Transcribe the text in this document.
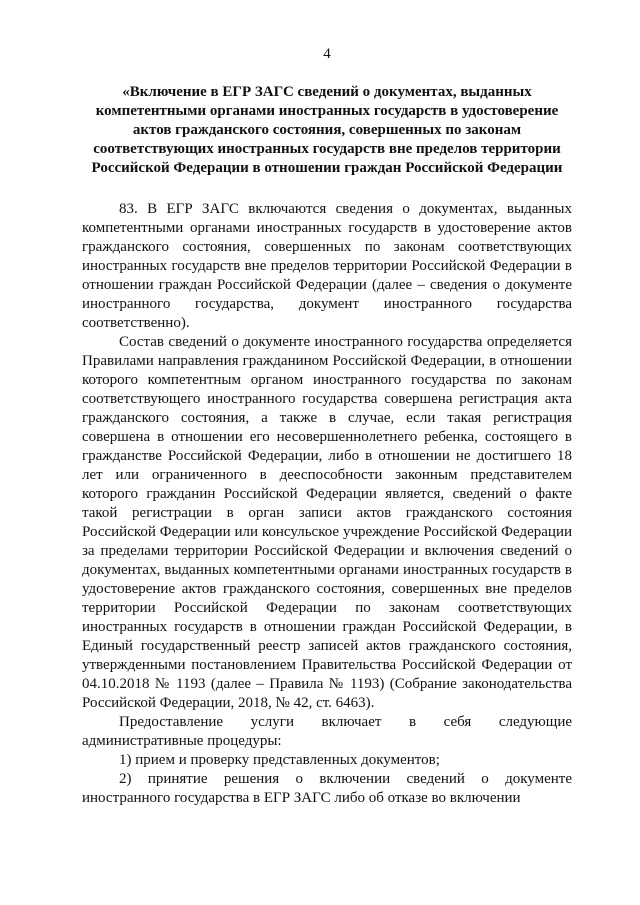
4
«Включение в ЕГР ЗАГС сведений о документах, выданных
компетентными органами иностранных государств в удостоверение
актов гражданского состояния, совершенных по законам
соответствующих иностранных государств вне пределов территории
Российской Федерации в отношении граждан Российской Федерации

83. В ЕГР ЗАГС включаются сведения о документах, выданных компетентными органами иностранных государств в удостоверение актов гражданского состояния, совершенных по законам соответствующих иностранных государств вне пределов территории Российской Федерации в отношении граждан Российской Федерации (далее – сведения о документе иностранного государства, документ иностранного государства соответственно).

Состав сведений о документе иностранного государства определяется Правилами направления гражданином Российской Федерации, в отношении которого компетентным органом иностранного государства по законам соответствующего иностранного государства совершена регистрация акта гражданского состояния, а также в случае, если такая регистрация совершена в отношении его несовершеннолетнего ребенка, состоящего в гражданстве Российской Федерации, либо в отношении не достигшего 18 лет или ограниченного в дееспособности законным представителем которого гражданин Российской Федерации является, сведений о факте такой регистрации в орган записи актов гражданского состояния Российской Федерации или консульское учреждение Российской Федерации за пределами территории Российской Федерации и включения сведений о документах, выданных компетентными органами иностранных государств в удостоверение актов гражданского состояния, совершенных вне пределов территории Российской Федерации по законам соответствующих иностранных государств в отношении граждан Российской Федерации, в Единый государственный реестр записей актов гражданского состояния, утвержденными постановлением Правительства Российской Федерации от 04.10.2018 № 1193 (далее – Правила № 1193) (Собрание законодательства Российской Федерации, 2018, № 42, ст. 6463).

Предоставление услуги включает в себя следующие административные процедуры:

1) прием и проверку представленных документов;

2) принятие решения о включении сведений о документе иностранного государства в ЕГР ЗАГС либо об отказе во включении
